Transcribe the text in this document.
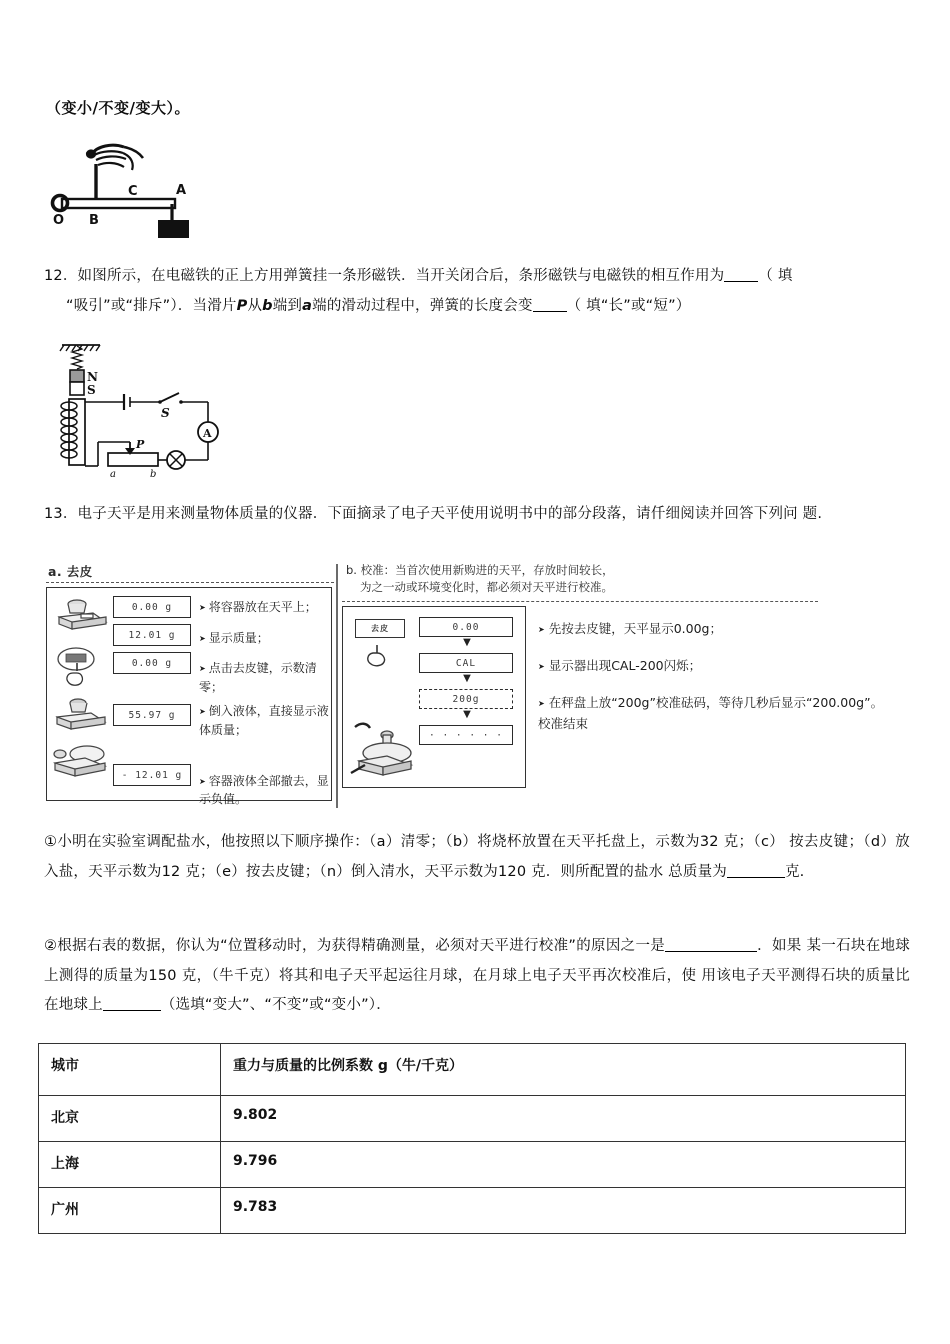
（变小/不变/变大）。
O B
C	A
12．如图所示，在电磁铁的正上方用弹簧挂一条形磁铁．当开关闭合后，条形磁铁与电磁铁的相互作用为 （ 填
“吸引”或“排斥”）．当滑片P从b端到a端的滑动过程中，弹簧的长度会变 （ 填“长”或“短”）
N
S
S
A
P
a	b
13．电子天平是用来测量物体质量的仪器．下面摘录了电子天平使用说明书中的部分段落，请仟细阅读并回答下列问 题.
a. 去皮
0.00 g
12.01 g
0.00 g
55.97 g
- 12.01 g

➤ 将容器放在天平上；

➤ 显示质量；

➤ 点击去皮键，示数清零；

➤ 倒入液体，直接显示液体质量；

➤ 容器液体全部撤去，显示负值。

b. 校准：当首次使用新购进的天平，存放时间较长，
为之一动或环境变化时，都必须对天平进行校准。
去皮	0.00
▼
CAL
▼
200g
▼
· · · · · ·

➤ 先按去皮键，天平显示0.00g；

➤ 显示器出现CAL-200闪烁；

➤ 在秤盘上放“200g”校准砝码，等待几秒后显示“200.00g”。

校准结束

①小明在实验室调配盐水，他按照以下顺序操作：（a）清零；（b）将烧杯放置在天平托盘上，示数为32 克；（c） 按去皮键；（d）放入盐，天平示数为12 克；（e）按去皮键；（n）倒入清水，天平示数为120 克．则所配置的盐水 总质量为	克.
②根据右表的数据，你认为“位置移动时，为获得精确测量，必须对天平进行校准”的原因之一是	．如果 某一石块在地球上测得的质量为150 克，（牛千克）将其和电子天平起运往月球，在月球上电子天平再次校准后，使 用该电子天平测得石块的质量比在地球上	（选填“变大”、“不变”或“变小”）．
城市	重力与质量的比例系数 g（牛/千克）
北京	9.802
上海	9.796
广州	9.783
